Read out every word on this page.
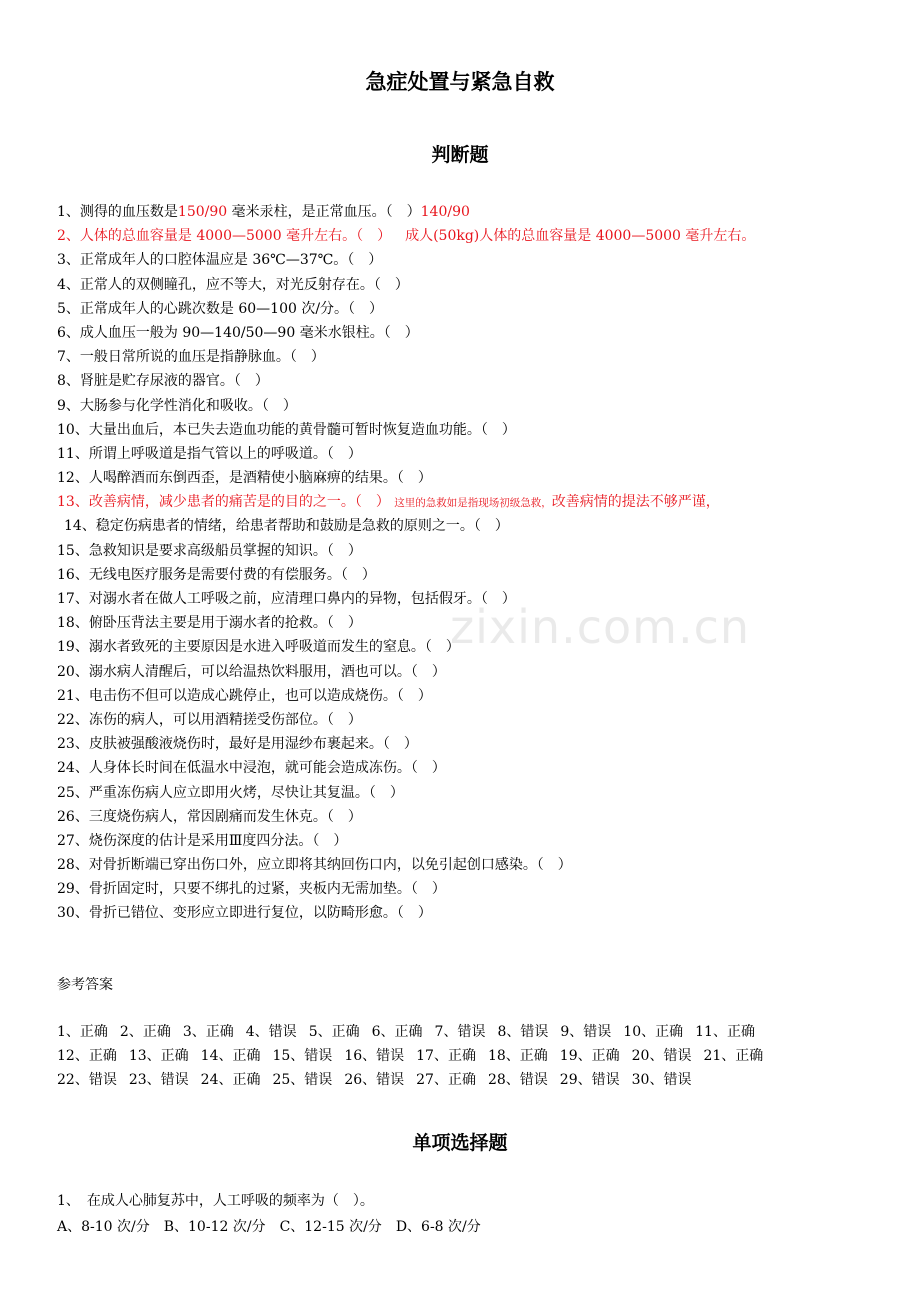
急症处置与紧急自救
判断题
1、测得的血压数是150/90 毫米汞柱，是正常血压。（　）140/90
2、人体的总血容量是 4000—5000 毫升左右。（　） 成人(50kg)人体的总血容量是 4000—5000 毫升左右。
3、正常成年人的口腔体温应是 36℃—37℃。（　）
4、正常人的双侧瞳孔，应不等大，对光反射存在。（　）
5、正常成年人的心跳次数是 60—100 次/分。（　）
6、成人血压一般为 90—140/50—90 毫米水银柱。（　）
7、一般日常所说的血压是指静脉血。（　）
8、肾脏是贮存尿液的器官。（　）
9、大肠参与化学性消化和吸收。（　）
10、大量出血后，本已失去造血功能的黄骨髓可暂时恢复造血功能。（　）
11、所谓上呼吸道是指气管以上的呼吸道。（　）
12、人喝醉酒而东倒西歪，是酒精使小脑麻痹的结果。（　）
13、改善病情，减少患者的痛苦是的目的之一。（　） 这里的急救如是指现场初级急救，改善病情的提法不够严谨，
14、稳定伤病患者的情绪，给患者帮助和鼓励是急救的原则之一。（　）
15、急救知识是要求高级船员掌握的知识。（　）
16、无线电医疗服务是需要付费的有偿服务。（　）
17、对溺水者在做人工呼吸之前，应清理口鼻内的异物，包括假牙。（　）
18、俯卧压背法主要是用于溺水者的抢救。（　）
19、溺水者致死的主要原因是水进入呼吸道而发生的窒息。（　）
20、溺水病人清醒后，可以给温热饮料服用，酒也可以。（　）
21、电击伤不但可以造成心跳停止，也可以造成烧伤。（　）
22、冻伤的病人，可以用酒精搓受伤部位。（　）
23、皮肤被强酸液烧伤时，最好是用湿纱布裹起来。（　）
24、人身体长时间在低温水中浸泡，就可能会造成冻伤。（　）
25、严重冻伤病人应立即用火烤，尽快让其复温。（　）
26、三度烧伤病人，常因剧痛而发生休克。（　）
27、烧伤深度的估计是采用Ⅲ度四分法。（　）
28、对骨折断端已穿出伤口外，应立即将其纳回伤口内，以免引起创口感染。（　）
29、骨折固定时，只要不绑扎的过紧，夹板内无需加垫。（　）
30、骨折已错位、变形应立即进行复位，以防畸形愈。（　）
zixin.com.cn
参考答案
1、正确 2、正确 3、正确 4、错误 5、正确 6、正确 7、错误 8、错误 9、错误 10、正确 11、正确
12、正确 13、正确 14、正确 15、错误 16、错误 17、正确 18、正确 19、正确 20、错误 21、正确
22、错误 23、错误 24、正确 25、错误 26、错误 27、正确 28、错误 29、错误 30、错误
单项选择题
1、　在成人心肺复苏中，人工呼吸的频率为（　）。
A、8-10 次/分 B、10-12 次/分 C、12-15 次/分 D、6-8 次/分
